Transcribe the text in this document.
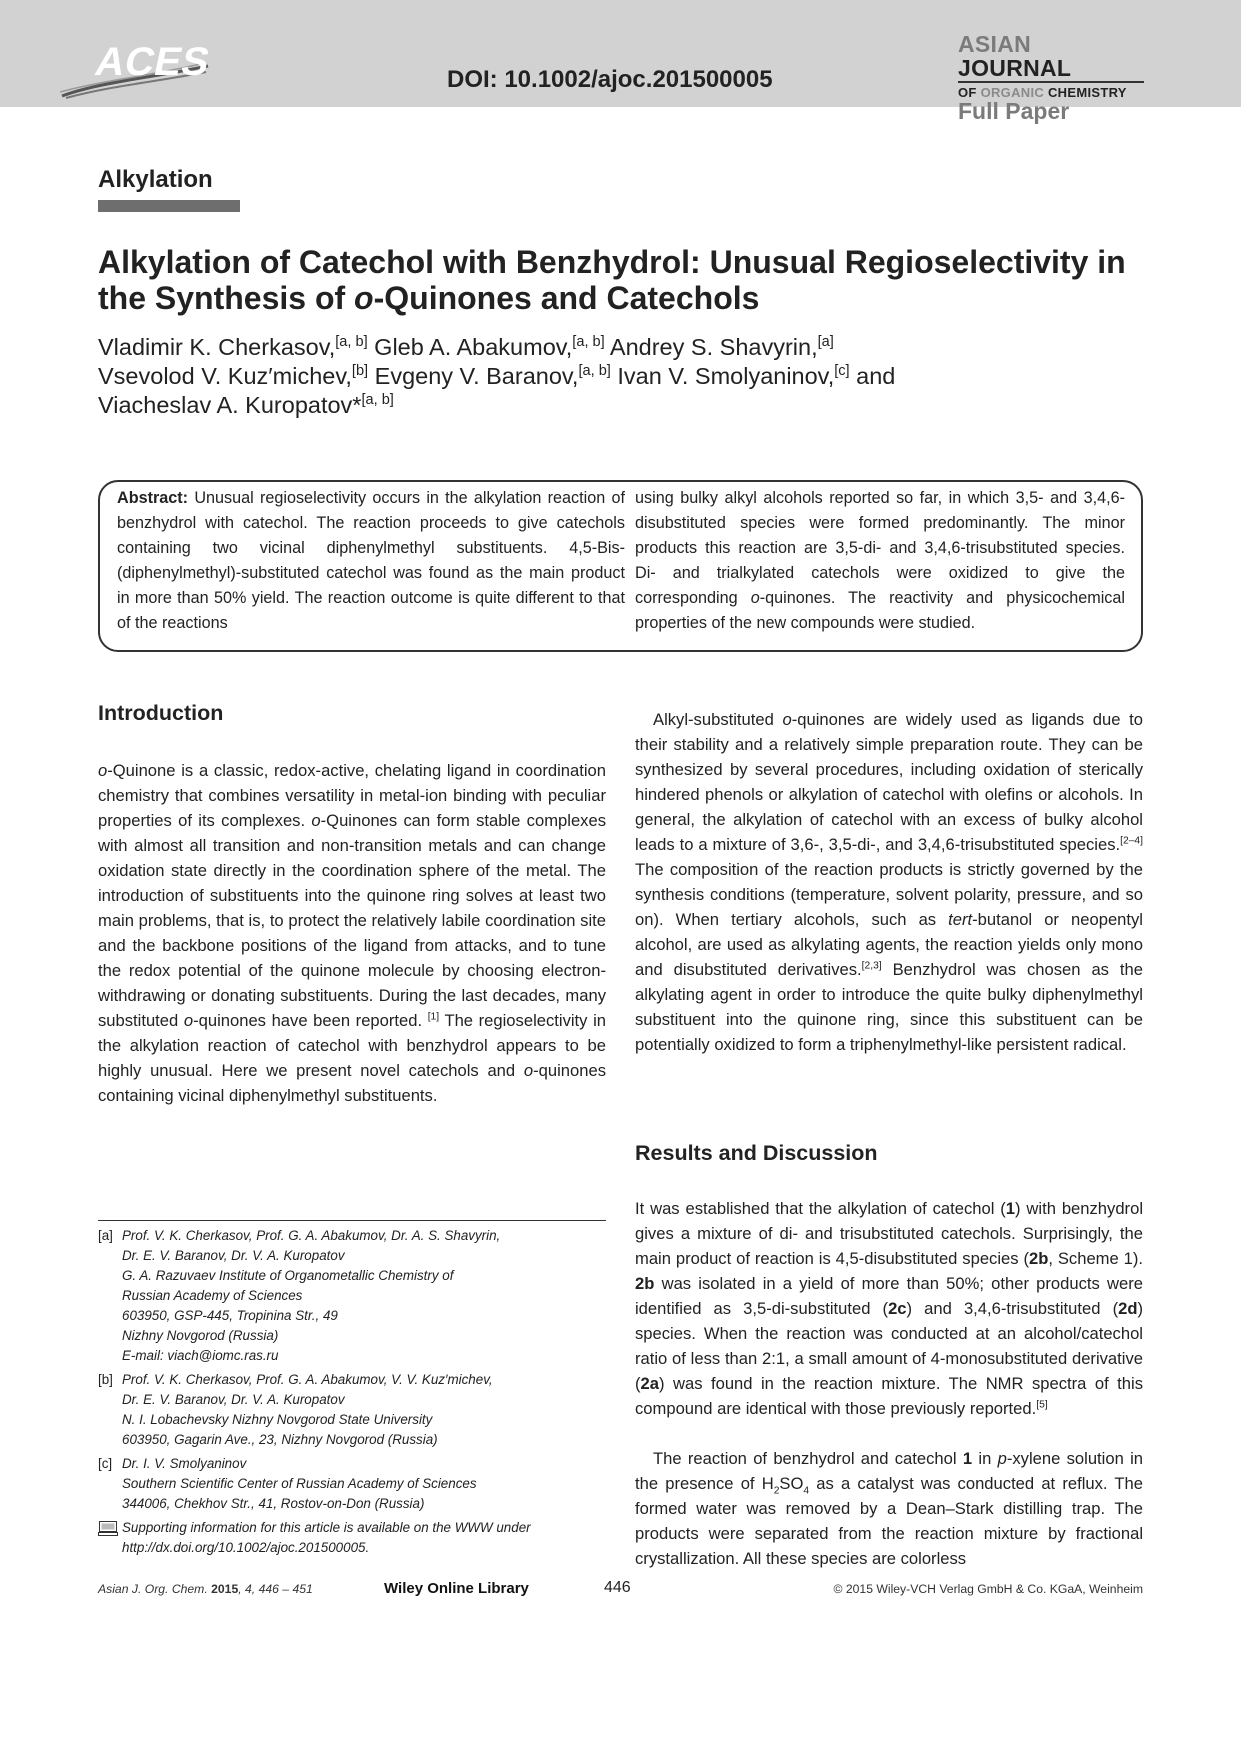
ACES	DOI: 10.1002/ajoc.201500005
ASIAN JOURNAL
OF ORGANIC CHEMISTRY
Full Paper
Alkylation
Alkylation of Catechol with Benzhydrol: Unusual Regioselectivity in the Synthesis of o-Quinones and Catechols
Vladimir K. Cherkasov,[a, b] Gleb A. Abakumov,[a, b] Andrey S. Shavyrin,[a]
Vsevolod V. Kuz′michev,[b] Evgeny V. Baranov,[a, b] Ivan V. Smolyaninov,[c] and
Viacheslav A. Kuropatov*[a, b]

Abstract: Unusual regioselectivity occurs in the alkylation reaction of benzhydrol with catechol. The reaction proceeds to give catechols containing two vicinal diphenylmethyl substituents. 4,5-Bis-(diphenylmethyl)-substituted catechol was found as the main product in more than 50% yield. The reaction outcome is quite different to that of the reactions

using bulky alkyl alcohols reported so far, in which 3,5- and 3,4,6-disubstituted species were formed predominantly. The minor products this reaction are 3,5-di- and 3,4,6-trisubstituted species. Di- and trialkylated catechols were oxidized to give the corresponding o-quinones. The reactivity and physicochemical properties of the new compounds were studied.

Introduction

o-Quinone is a classic, redox-active, chelating ligand in coordination chemistry that combines versatility in metal-ion binding with peculiar properties of its complexes. o-Quinones can form stable complexes with almost all transition and non-transition metals and can change oxidation state directly in the coordination sphere of the metal. The introduction of substituents into the quinone ring solves at least two main problems, that is, to protect the relatively labile coordination site and the backbone positions of the ligand from attacks, and to tune the redox potential of the quinone molecule by choosing electron-withdrawing or donating substituents. During the last decades, many substituted o-quinones have been reported. [1] The regioselectivity in the alkylation reaction of catechol with benzhydrol appears to be highly unusual. Here we present novel catechols and o-quinones containing vicinal diphenylmethyl substituents.

[a] Prof. V. K. Cherkasov, Prof. G. A. Abakumov, Dr. A. S. Shavyrin,
Dr. E. V. Baranov, Dr. V. A. Kuropatov
G. A. Razuvaev Institute of Organometallic Chemistry of
Russian Academy of Sciences
603950, GSP-445, Tropinina Str., 49
Nizhny Novgorod (Russia)
E-mail: viach@iomc.ras.ru
[b] Prof. V. K. Cherkasov, Prof. G. A. Abakumov, V. V. Kuz′michev,
Dr. E. V. Baranov, Dr. V. A. Kuropatov
N. I. Lobachevsky Nizhny Novgorod State University
603950, Gagarin Ave., 23, Nizhny Novgorod (Russia)
[c] Dr. I. V. Smolyaninov
Southern Scientific Center of Russian Academy of Sciences
344006, Chekhov Str., 41, Rostov-on-Don (Russia)
Supporting information for this article is available on the WWW under
http://dx.doi.org/10.1002/ajoc.201500005.

Alkyl-substituted o-quinones are widely used as ligands due to their stability and a relatively simple preparation route. They can be synthesized by several procedures, including oxidation of sterically hindered phenols or alkylation of catechol with olefins or alcohols. In general, the alkylation of catechol with an excess of bulky alcohol leads to a mixture of 3,6-, 3,5-di-, and 3,4,6-trisubstituted species.[2–4] The composition of the reaction products is strictly governed by the synthesis conditions (temperature, solvent polarity, pressure, and so on). When tertiary alcohols, such as tert-butanol or neopentyl alcohol, are used as alkylating agents, the reaction yields only mono and disubstituted derivatives.[2,3] Benzhydrol was chosen as the alkylating agent in order to introduce the quite bulky diphenylmethyl substituent into the quinone ring, since this substituent can be potentially oxidized to form a triphenylmethyl-like persistent radical.

Results and Discussion

It was established that the alkylation of catechol (1) with benzhydrol gives a mixture of di- and trisubstituted catechols. Surprisingly, the main product of reaction is 4,5-disubstituted species (2b, Scheme 1). 2b was isolated in a yield of more than 50%; other products were identified as 3,5-di-substituted (2c) and 3,4,6-trisubstituted (2d) species. When the reaction was conducted at an alcohol/catechol ratio of less than 2:1, a small amount of 4-monosubstituted derivative (2a) was found in the reaction mixture. The NMR spectra of this compound are identical with those previously reported.[5]

The reaction of benzhydrol and catechol 1 in p-xylene solution in the presence of $H_2SO_4$ as a catalyst was conducted at reflux. The formed water was removed by a Dean–Stark distilling trap. The products were separated from the reaction mixture by fractional crystallization. All these species are colorless

Asian J. Org. Chem. 2015, 4, 446 – 451	Wiley Online Library	446	© 2015 Wiley-VCH Verlag GmbH & Co. KGaA, Weinheim
